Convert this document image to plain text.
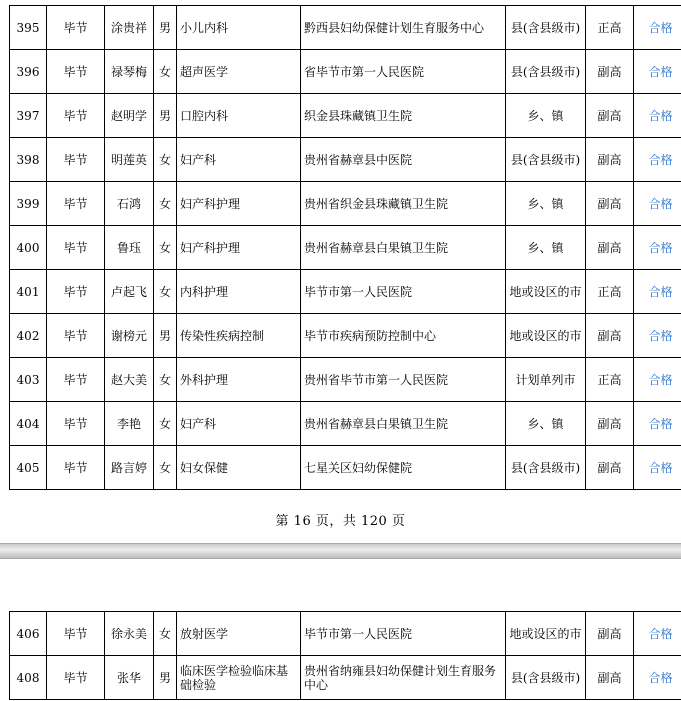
395	毕节	涂贵祥	男	小儿内科	黔西县妇幼保健计划生育服务中心	县(含县级市)	正高	合格
396	毕节	禄琴梅	女	超声医学	省毕节市第一人民医院	县(含县级市)	副高	合格
397	毕节	赵明学	男	口腔内科	织金县珠藏镇卫生院	乡、镇	副高	合格
398	毕节	明莲英	女	妇产科	贵州省赫章县中医院	县(含县级市)	副高	合格
399	毕节	石鸿	女	妇产科护理	贵州省织金县珠藏镇卫生院	乡、镇	副高	合格
400	毕节	鲁珏	女	妇产科护理	贵州省赫章县白果镇卫生院	乡、镇	副高	合格
401	毕节	卢起飞	女	内科护理	毕节市第一人民医院	地或设区的市	正高	合格
402	毕节	谢榜元	男	传染性疾病控制	毕节市疾病预防控制中心	地或设区的市	副高	合格
403	毕节	赵大美	女	外科护理	贵州省毕节市第一人民医院	计划单列市	正高	合格
404	毕节	李艳	女	妇产科	贵州省赫章县白果镇卫生院	乡、镇	副高	合格
405	毕节	路言婷	女	妇女保健	七星关区妇幼保健院	县(含县级市)	副高	合格
第 16 页，共 120 页
406	毕节	徐永美	女	放射医学	毕节市第一人民医院	地或设区的市	副高	合格
408	毕节	张华	男	临床医学检验临床基础检验	贵州省纳雍县妇幼保健计划生育服务中心	县(含县级市)	副高	合格
